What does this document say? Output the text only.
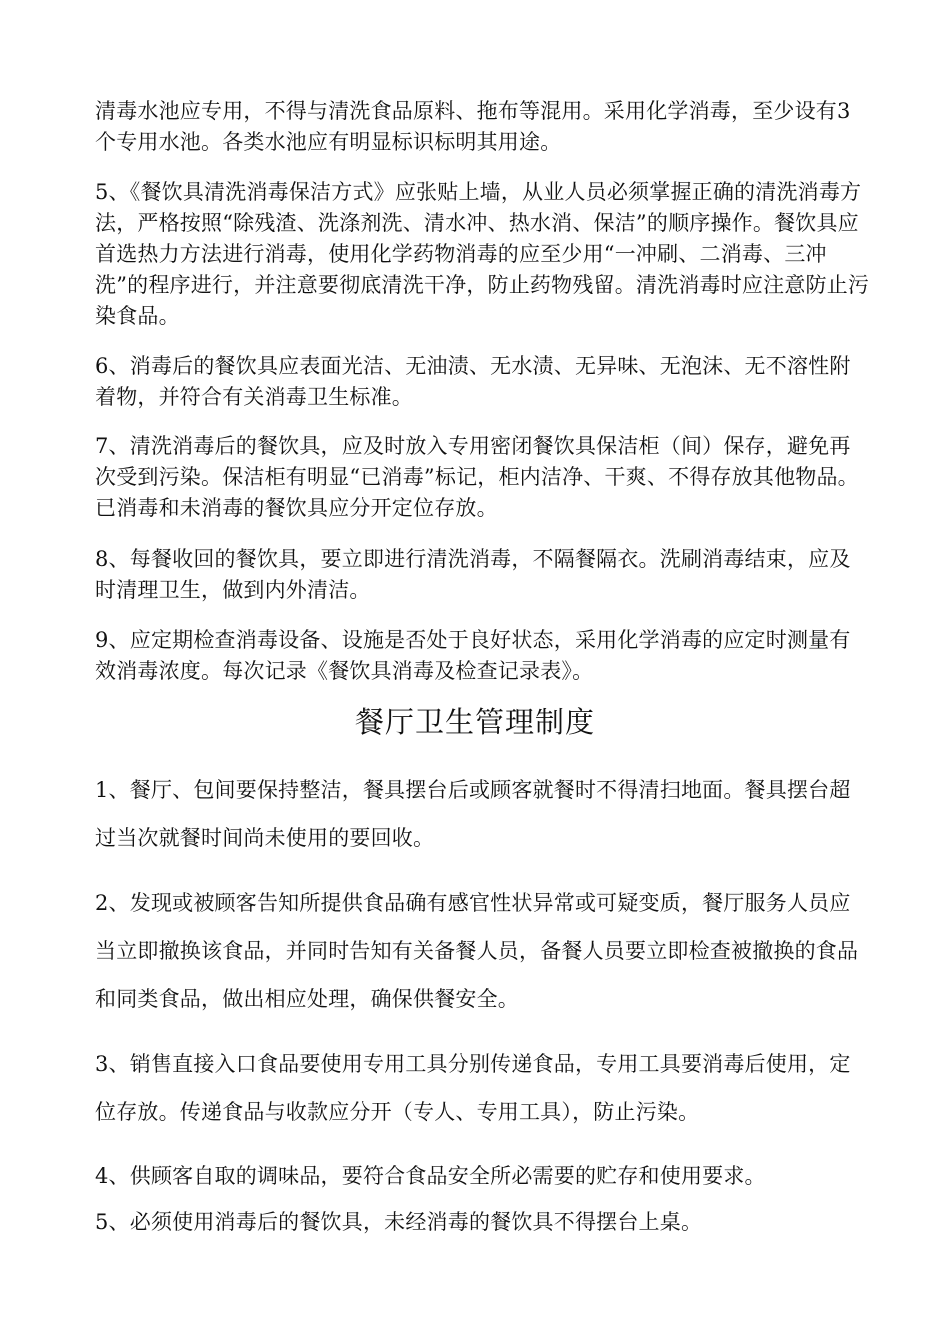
清毒水池应专用，不得与清洗食品原料、拖布等混用。采用化学消毒，至少设有3个专用水池。各类水池应有明显标识标明其用途。

5、《餐饮具清洗消毒保洁方式》应张贴上墙，从业人员必须掌握正确的清洗消毒方法，严格按照“除残渣、洗涤剂洗、清水冲、热水消、保洁”的顺序操作。餐饮具应首选热力方法进行消毒，使用化学药物消毒的应至少用“一冲刷、二消毒、三冲洗”的程序进行，并注意要彻底清洗干净，防止药物残留。清洗消毒时应注意防止污染食品。

6、消毒后的餐饮具应表面光洁、无油渍、无水渍、无异味、无泡沫、无不溶性附着物，并符合有关消毒卫生标准。

7、清洗消毒后的餐饮具，应及时放入专用密闭餐饮具保洁柜（间）保存，避免再次受到污染。保洁柜有明显“已消毒”标记，柜内洁净、干爽、不得存放其他物品。已消毒和未消毒的餐饮具应分开定位存放。

8、每餐收回的餐饮具，要立即进行清洗消毒，不隔餐隔衣。洗刷消毒结束，应及时清理卫生，做到内外清洁。

9、应定期检查消毒设备、设施是否处于良好状态，采用化学消毒的应定时测量有效消毒浓度。每次记录《餐饮具消毒及检查记录表》。

餐厅卫生管理制度

1、餐厅、包间要保持整洁，餐具摆台后或顾客就餐时不得清扫地面。餐具摆台超过当次就餐时间尚未使用的要回收。

2、发现或被顾客告知所提供食品确有感官性状异常或可疑变质，餐厅服务人员应当立即撤换该食品，并同时告知有关备餐人员，备餐人员要立即检查被撤换的食品和同类食品，做出相应处理，确保供餐安全。

3、销售直接入口食品要使用专用工具分别传递食品，专用工具要消毒后使用，定位存放。传递食品与收款应分开（专人、专用工具），防止污染。

4、供顾客自取的调味品，要符合食品安全所必需要的贮存和使用要求。

5、必须使用消毒后的餐饮具，未经消毒的餐饮具不得摆台上桌。
